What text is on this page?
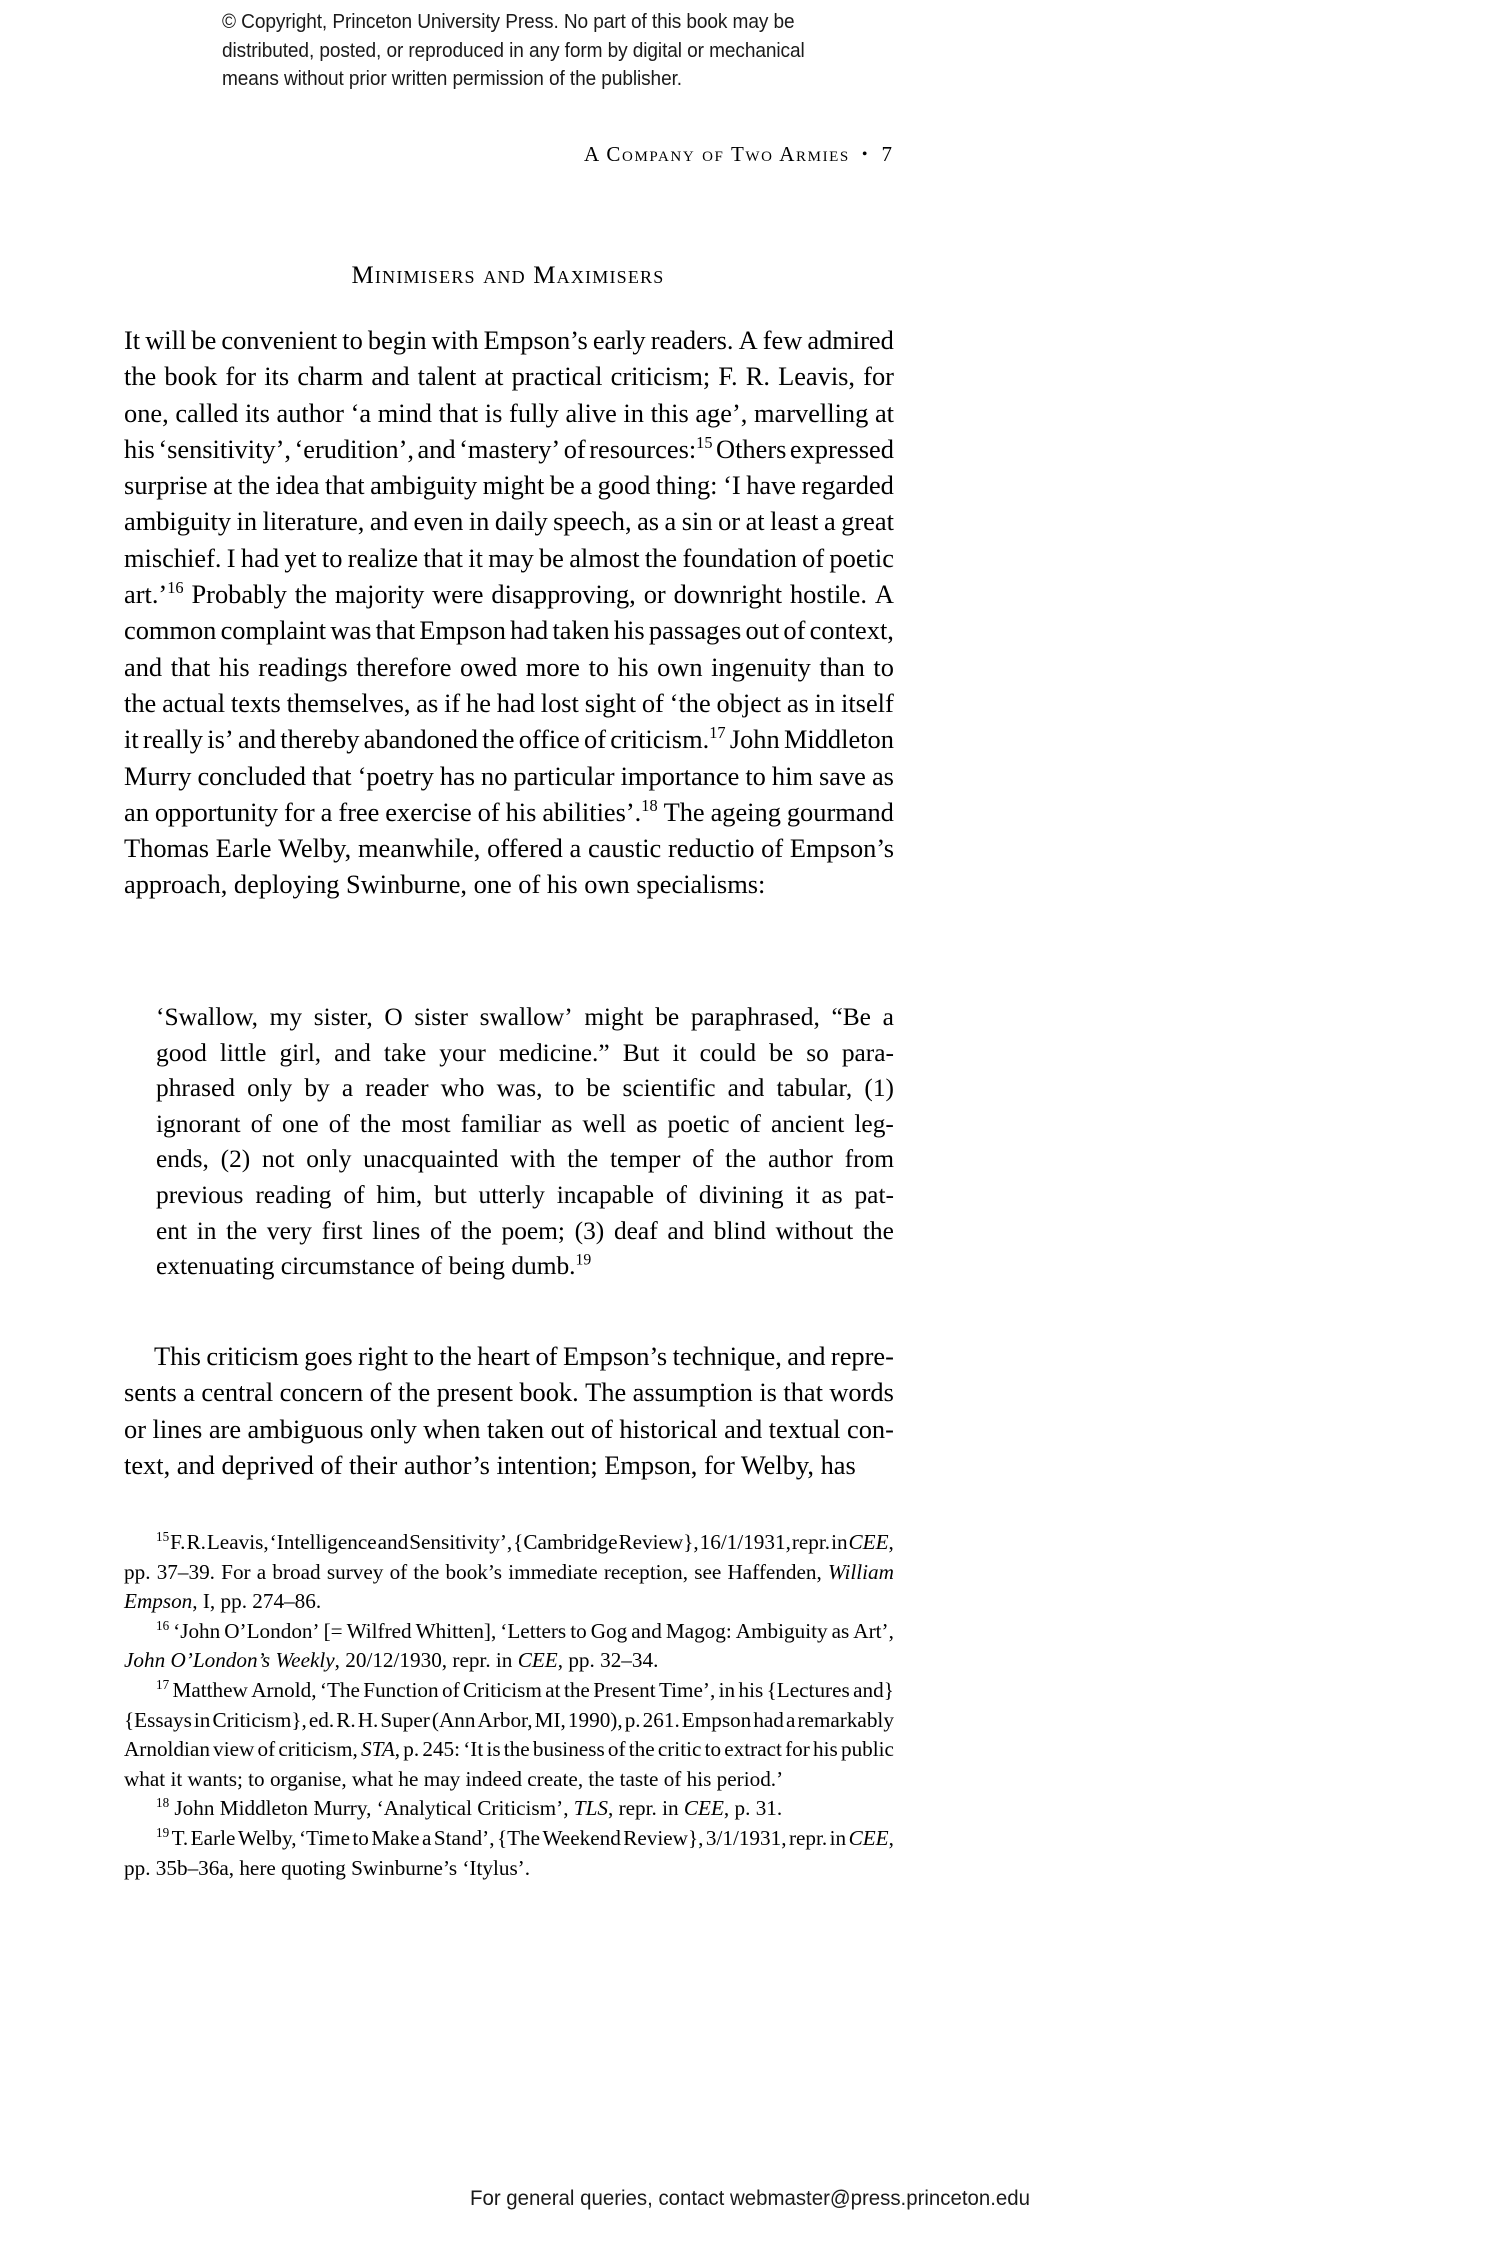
© Copyright, Princeton University Press. No part of this book may be
distributed, posted, or reproduced in any form by digital or mechanical
means without prior written permission of the publisher.
A Company of Two Armies • 7
Minimisers and Maximisers
It will be convenient to begin with Empson’s early readers. A few admired
the book for its charm and talent at practical criticism; F. R. Leavis, for
one, called its author ‘a mind that is fully alive in this age’, marvelling at
his ‘sensitivity’, ‘erudition’, and ‘mastery’ of resources:$^{15}$ Others expressed
surprise at the idea that ambiguity might be a good thing: ‘I have regarded
ambiguity in literature, and even in daily speech, as a sin or at least a great
mischief. I had yet to realize that it may be almost the foundation of poetic
art.’$^{16}$ Probably the majority were disapproving, or downright hostile. A
common complaint was that Empson had taken his passages out of context,
and that his readings therefore owed more to his own ingenuity than to
the actual texts themselves, as if he had lost sight of ‘the object as in itself
it really is’ and thereby abandoned the office of criticism.$^{17}$ John Middleton
Murry concluded that ‘poetry has no particular importance to him save as
an opportunity for a free exercise of his abilities’.$^{18}$ The ageing gourmand
Thomas Earle Welby, meanwhile, offered a caustic reductio of Empson’s
approach, deploying Swinburne, one of his own specialisms:
‘Swallow, my sister, O sister swallow’ might be paraphrased, “Be a
good little girl, and take your medicine.” But it could be so para-
phrased only by a reader who was, to be scientific and tabular, (1)
ignorant of one of the most familiar as well as poetic of ancient leg-
ends, (2) not only unacquainted with the temper of the author from
previous reading of him, but utterly incapable of divining it as pat-
ent in the very first lines of the poem; (3) deaf and blind without the
extenuating circumstance of being dumb.$^{19}$
This criticism goes right to the heart of Empson’s technique, and repre-
sents a central concern of the present book. The assumption is that words
or lines are ambiguous only when taken out of historical and textual con-
text, and deprived of their author’s intention; Empson, for Welby, has
$^{15}$ F. R. Leavis, ‘Intelligence and Sensitivity’, {Cambridge Review}, 16/1/1931, repr. in CEE,
pp. 37–39. For a broad survey of the book’s immediate reception, see Haffenden, William
Empson, I, pp. 274–86.
$^{16}$ ‘John O’London’ [= Wilfred Whitten], ‘Letters to Gog and Magog: Ambiguity as Art’,
John O’London’s Weekly, 20/12/1930, repr. in CEE, pp. 32–34.
$^{17}$ Matthew Arnold, ‘The Function of Criticism at the Present Time’, in his {Lectures and}
{Essays in Criticism}, ed. R. H. Super (Ann Arbor, MI, 1990), p. 261. Empson had a remarkably
Arnoldian view of criticism, STA, p. 245: ‘It is the business of the critic to extract for his public
what it wants; to organise, what he may indeed create, the taste of his period.’
$^{18}$ John Middleton Murry, ‘Analytical Criticism’, TLS, repr. in CEE, p. 31.
$^{19}$ T. Earle Welby, ‘Time to Make a Stand’, {The Weekend Review}, 3/1/1931, repr. in CEE,
pp. 35b–36a, here quoting Swinburne’s ‘Itylus’.
For general queries, contact webmaster@press.princeton.edu
